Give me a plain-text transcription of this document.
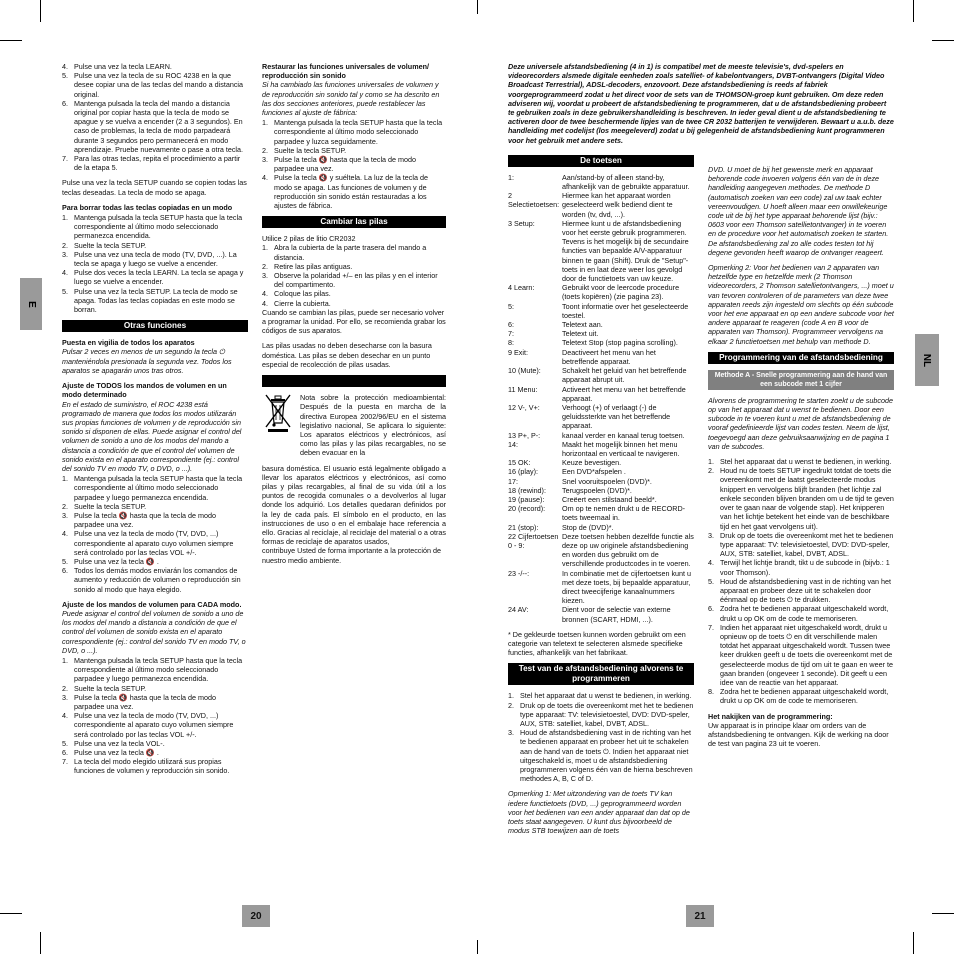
E
NL
20	21
4. Pulse una vez la tecla LEARN.
5. Pulse una vez la tecla de su ROC 4238 en la que desee copiar una de las teclas del mando a distancia original.
6. Mantenga pulsada la tecla del mando a distancia original por copiar hasta que la tecla de modo se apague y se vuelva a encender (2 a 3 segundos). En caso de problemas, la tecla de modo parpadeará durante 3 segundos pero permanecerá en modo aprendizaje. Pruebe nuevamente o pase a otra tecla.
7. Para las otras teclas, repita el procedimiento a partir de la etapa 5.

Pulse una vez la tecla SETUP cuando se copien todas las teclas deseadas. La tecla de modo se apaga.

Para borrar todas las teclas copiadas en un modo

1. Mantenga pulsada la tecla SETUP hasta que la tecla correspondiente al último modo seleccionado permanezca encendida.
2. Suelte la tecla SETUP.
3. Pulse una vez una tecla de modo (TV, DVD, ...). La tecla se apaga y luego se vuelve a encender.
4. Pulse dos veces la tecla LEARN. La tecla se apaga y luego se vuelve a encender.
5. Pulse una vez la tecla SETUP. La tecla de modo se apaga. Todas las teclas copiadas en este modo se borran.
Otras funciones

Puesta en vigilia de todos los aparatos

Pulsar 2 veces en menos de un segundo la tecla ⏻ manteniéndola presionada la segunda vez. Todos los aparatos se apagarán unos tras otros.

Ajuste de TODOS los mandos de volumen en un modo determinado

En el estado de suministro, el ROC 4238 está programado de manera que todos los modos utilizarán sus propias funciones de volumen y de reproducción sin sonido si disponen de ellas. Puede asignar el control del volumen de sonido a uno de los modos del mando a distancia a condición de que el control del volumen de sonido exista en el aparato correspondiente (ej.: control del sonido TV en modo TV, o DVD, o ...).

1. Mantenga pulsada la tecla SETUP hasta que la tecla correspondiente al último modo seleccionado parpadee y luego permanezca encendida.
2. Suelte la tecla SETUP.
3. Pulse la tecla 🔇 hasta que la tecla de modo parpadee una vez.
4. Pulse una vez la tecla de modo (TV, DVD, ...) correspondiente al aparato cuyo volumen siempre será controlado por las teclas VOL +/-.
5. Pulse una vez la tecla 🔇 .
6. Todos los demás modos enviarán los comandos de aumento y reducción de volumen o reproducción sin sonido al modo que haya elegido.

Ajuste de los mandos de volumen para CADA modo.

Puede asignar el control del volumen de sonido a uno de los modos del mando a distancia a condición de que el control del volumen de sonido exista en el aparato correspondiente (ej.: control del sonido TV en modo TV, o DVD, o ...).

1. Mantenga pulsada la tecla SETUP hasta que la tecla correspondiente al último modo seleccionado parpadee y luego permanezca encendida.
2. Suelte la tecla SETUP.
3. Pulse la tecla 🔇 hasta que la tecla de modo parpadee una vez.
4. Pulse una vez la tecla de modo (TV, DVD, ...) correspondiente al aparato cuyo volumen siempre será controlado por las teclas VOL +/-.
5. Pulse una vez la tecla VOL-.
6. Pulse una vez la tecla 🔇 .
7. La tecla del modo elegido utilizará sus propias funciones de volumen y reproducción sin sonido.

Restaurar las funciones universales de volumen/ reproducción sin sonido

Si ha cambiado las funciones universales de volumen y de reproducción sin sonido tal y como se ha descrito en las dos secciones anteriores, puede restablecer las funciones al ajuste de fábrica:

1. Mantenga pulsada la tecla SETUP hasta que la tecla correspondiente al último modo seleccionado parpadee y luzca seguidamente.
2. Suelte la tecla SETUP.
3. Pulse la tecla 🔇 hasta que la tecla de modo parpadee una vez.
4. Pulse la tecla 🔇 y suéltela. La luz de la tecla de modo se apaga. Las funciones de volumen y de reproducción sin sonido están restauradas a los ajustes de fábrica.
Cambiar las pilas

Utilice 2 pilas de litio CR2032

1. Abra la cubierta de la parte trasera del mando a distancia.
2. Retire las pilas antiguas.
3. Observe la polaridad +/– en las pilas y en el interior del compartimento.
4. Coloque las pilas.
4. Cierre la cubierta.

Cuando se cambian las pilas, puede ser necesario volver a programar la unidad. Por ello, se recomienda grabar los códigos de sus aparatos.

Las pilas usadas no deben desecharse con la basura doméstica. Las pilas se deben desechar en un punto especial de recolección de pilas usadas.

Nota sobre la protección medioambiental: Después de la puesta en marcha de la directiva Europea 2002/96/EU en el sistema legislativo nacional, Se aplicara lo siguiente: Los aparatos eléctricos y electrónicos, así como las pilas y las pilas recargables, no se deben evacuar en la

basura doméstica. El usuario está legalmente obligado a llevar los aparatos eléctricos y electrónicos, así como pilas y pilas recargables, al final de su vida útil a los puntos de recogida comunales o a devolverlos al lugar donde los adquirió. Los detalles quedaran definidos por la ley de cada país. El símbolo en el producto, en las instrucciones de uso o en el embalaje hace referencia a ello. Gracias al reciclaje, al reciclaje del material o a otras formas de reciclaje de aparatos usados,

contribuye Usted de forma importante a la protección de nuestro medio ambiente.

Deze universele afstandsbediening (4 in 1) is compatibel met de meeste televisie's, dvd-spelers en videorecorders alsmede digitale eenheden zoals satelliet- of kabelontvangers, DVBT-ontvangers (Digital Video Broadcast Terrestrial), ADSL-decoders, enzovoort. Deze afstandsbediening is reeds af fabriek voorgeprogrammeerd zodat u het direct voor de sets van de THOMSON-groep kunt gebruiken. Om deze reden adviseren wij, voordat u probeert de afstandsbediening te programmeren, dat u de afstandsbediening probeert te gebruiken zoals in deze gebruikershandleiding is beschreven. In ieder geval dient u de afstandsbediening te activeren door de twee beschermende lipjes van de twee CR 2032 batterijen te verwijderen. Bewaart u a.u.b. deze handleiding met codelijst (los meegeleverd) zodat u bij gelegenheid de afstandsbediening kunt programmeren voor het gebruik met andere sets.

De toetsen
1:	Aan/stand-by of alleen stand-by, afhankelijk van de gebruikte apparatuur.
2 Selectietoetsen:
Hiermee kan het apparaat worden geselecteerd welk bediend dient te worden (tv, dvd, ...).
3 Setup:	Hiermee kunt u de afstandsbediening voor het eerste gebruik programmeren. Tevens is het mogelijk bij de secundaire functies van bepaalde A/V-apparatuur binnen te gaan (Shift). Druk de "Setup"-toets in en laat deze weer los gevolgd door de functietoets van uw keuze.
4 Learn:	Gebruikt voor de leercode procedure (toets kopiëren) (zie pagina 23).
5:	Toont informatie over het geselecteerde toestel.
6:	Teletext aan.
7:	Teletext uit.
8:	Teletext Stop (stop pagina scrolling).
9 Exit:	Deactiveert het menu van het betreffende apparaat.
10 (Mute):	Schakelt het geluid van het betreffende apparaat abrupt uit.
11 Menu:	Activeert het menu van het betreffende apparaat.
12 V-, V+:	Verhoogt (+) of verlaagt (-) de geluidssterkte van het betreffende apparaat.
13 P+, P-:	kanaal verder en kanaal terug toetsen.
14:	Maakt het mogelijk binnen het menu horizontaal en verticaal te navigeren.
15 OK:	Keuze bevestigen.
16 (play):	Een DVD*afspelen .
17:	Snel vooruitspoelen (DVD)*.
18 (rewind):	Terugspoelen (DVD)*.
19 (pause):	Creëert een stilstaand beeld*.
20 (record):	Om op te nemen drukt u de RECORD-toets tweemaal in.
21 (stop):	Stop de (DVD)*.
22 Cijfertoetsen 0 - 9:
Deze toetsen hebben dezelfde functie als deze op uw originele afstandsbediening en worden dus gebruikt om de verschillende productcodes in te voeren.
23 -/--:	In combinatie met de cijfertoetsen kunt u met deze toets, bij bepaalde apparatuur, direct tweecijferige kanaalnummers kiezen.
24 AV:	Dient voor de selectie van externe bronnen (SCART, HDMI, ...).

* De gekleurde toetsen kunnen worden gebruikt om een categorie van teletext te selecteren alsmede specifieke functies, afhankelijk van het fabrikaat.

Test van de afstandsbediening alvorens te programmeren
1. Stel het apparaat dat u wenst te bedienen, in werking.
2. Druk op de toets die overeenkomt met het te bedienen type apparaat: TV: televisietoestel, DVD: DVD-speler, AUX, STB: satelliet, kabel, DVBT, ADSL.
3. Houd de afstandsbediening vast in de richting van het te bedienen apparaat en probeer het uit te schakelen aan de hand van de toets ⏻. Indien het apparaat niet uitgeschakeld is, moet u de afstandsbediening programmeren volgens één van de hierna beschreven methodes A, B, C of D.

Opmerking 1: Met uitzondering van de toets TV kan iedere functietoets (DVD, ...) geprogrammeerd worden voor het bedienen van een ander apparaat dan dat op de toets staat aangegeven. U kunt dus bijvoorbeeld de modus STB toewijzen aan de toets

DVD. U moet de bij het gewenste merk en apparaat behorende code invoeren volgens één van de in deze handleiding aangegeven methodes. De methode D (automatisch zoeken van een code) zal uw taak echter vereenvoudigen. U hoeft alleen maar een onwillekeurige code uit de bij het type apparaat behorende lijst (bijv.: 0603 voor een Thomson satellietontvanger) in te voeren en de procedure voor het automatisch zoeken te starten. De afstandsbediening zal zo alle codes testen tot hij degene gevonden heeft waarop de ontvanger reageert.

Opmerking 2: Voor het bedienen van 2 apparaten van hetzelfde type en hetzelfde merk (2 Thomson videorecorders, 2 Thomson satellietontvangers, ...) moet u van tevoren controleren of de parameters van deze twee apparaten reeds zijn ingesteld om slechts op één subcode voor het ene apparaat en op een andere subcode voor het andere apparaat te reageren (code A en B voor de apparaten van Thomson). Programmeer vervolgens na elkaar 2 functietoetsen met behulp van methode D.

Programmering van de afstandsbediening
Methode A - Snelle programmering aan de hand van een subcode met 1 cijfer

Alvorens de programmering te starten zoekt u de subcode op van het apparaat dat u wenst te bedienen. Door een subcode in te voeren kunt u met de afstandsbediening de vooraf gedefinieerde lijst van codes testen. Neem de lijst, toegevoegd aan deze gebruiksaanwijzing en de pagina 1 van de subcodes.

1. Stel het apparaat dat u wenst te bedienen, in werking.
2. Houd nu de toets SETUP ingedrukt totdat de toets die overeenkomt met de laatst geselecteerde modus knippert en vervolgens blijft branden (het lichtje zal enkele seconden blijven branden om u de tijd te geven over te gaan naar de volgende stap). Het knipperen van het lichtje betekent het einde van de beschikbare tijd en het gaat vervolgens uit).
3. Druk op de toets die overeenkomt met het te bedienen type apparaat: TV: televisietoestel, DVD: DVD-speler, AUX, STB: satelliet, kabel, DVBT, ADSL.
4. Terwijl het lichtje brandt, tikt u de subcode in (bijvb.: 1 voor Thomson).
5. Houd de afstandsbediening vast in de richting van het apparaat en probeer deze uit te schakelen door éénmaal op de toets ⏻ te drukken.
6. Zodra het te bedienen apparaat uitgeschakeld wordt, drukt u op OK om de code te memoriseren.
7. Indien het apparaat niet uitgeschakeld wordt, drukt u opnieuw op de toets ⏻ en dit verschillende malen totdat het apparaat uitgeschakeld wordt. Tussen twee keer drukken geeft u de toets die overeenkomt met de geselecteerde modus de tijd om uit te gaan en weer te gaan branden (ongeveer 1 seconde). Dit geeft u een idee van de reactie van het apparaat.
8. Zodra het te bedienen apparaat uitgeschakeld wordt, drukt u op OK om de code te memoriseren.

Het nakijken van de programmering:

Uw apparaat is in principe klaar om orders van de afstandsbediening te ontvangen. Kijk de werking na door de test van pagina 23 uit te voeren.
